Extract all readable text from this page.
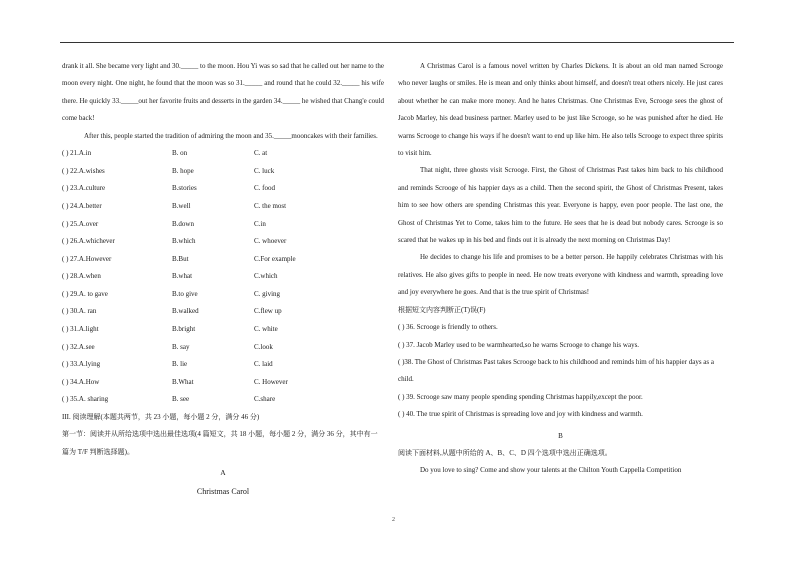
drank it all. She became very light and 30._____ to the moon. Hou Yi was so sad that he called out her name to the moon every night. One night, he found that the moon was so 31._____ and round that he could 32._____ his wife there. He quickly 33._____out her favorite fruits and desserts in the garden 34._____ he wished that Chang'e could come back!

After this, people started the tradition of admiring the moon and 35._____mooncakes with their families.

( ) 21.A.in	B. on	C. at
( ) 22.A.wishes	B. hope	C. luck
( ) 23.A.culture	B.stories	C. food
( ) 24.A.better	B.well	C. the most
( ) 25.A.over	B.down	C.in
( ) 26.A.whichever	B.which	C. whoever
( ) 27.A.However	B.But	C.For example
( ) 28.A.when	B.what	C.which
( ) 29.A. to gave	B.to give	C. giving
( ) 30.A. ran	B.walked	C.flew up
( ) 31.A.light	B.bright	C. white
( ) 32.A.see	B. say	C.look
( ) 33.A.lying	B. lie	C. laid
( ) 34.A.How	B.What	C. However
( ) 35.A. sharing	B. see	C.share

III. 阅读理解(本题共两节，共 23 小题，每小题 2 分，满分 46 分)

第一节：阅读并从所给选项中选出最佳选项(4 篇短文，共 18 小题，每小题 2 分，满分 36 分，其中有一篇为 T/F 判断选择题)。

A
Christmas Carol

A Christmas Carol is a famous novel written by Charles Dickens. It is about an old man named Scrooge who never laughs or smiles. He is mean and only thinks about himself, and doesn't treat others nicely. He just cares about whether he can make more money. And he hates Christmas. One Christmas Eve, Scrooge sees the ghost of Jacob Marley, his dead business partner. Marley used to be just like Scrooge, so he was punished after he died. He warns Scrooge to change his ways if he doesn't want to end up like him. He also tells Scrooge to expect three spirits to visit him.

That night, three ghosts visit Scrooge. First, the Ghost of Christmas Past takes him back to his childhood and reminds Scrooge of his happier days as a child. Then the second spirit, the Ghost of Christmas Present, takes him to see how others are spending Christmas this year. Everyone is happy, even poor people. The last one, the Ghost of Christmas Yet to Come, takes him to the future. He sees that he is dead but nobody cares. Scrooge is so scared that he wakes up in his bed and finds out it is already the next morning on Christmas Day!

He decides to change his life and promises to be a better person. He happily celebrates Christmas with his relatives. He also gives gifts to people in need. He now treats everyone with kindness and warmth, spreading love and joy everywhere he goes. And that is the true spirit of Christmas!

根据短文内容判断正(T)误(F)

( ) 36. Scrooge is friendly to others.

( ) 37. Jacob Marley used to be warmhearted,so he warns Scrooge to change his ways.

( )38. The Ghost of Christmas Past takes Scrooge back to his childhood and reminds him of his happier days as a child.

( ) 39. Scrooge saw many people spending spending Christmas happily,except the poor.

( ) 40. The true spirit of Christmas is spreading love and joy with kindness and warmth.

B

阅读下面材料,从题中所给的 A、B、C、D 四个选项中选出正确选项。

Do you love to sing? Come and show your talents at the Chilton Youth Cappella Competition

2
